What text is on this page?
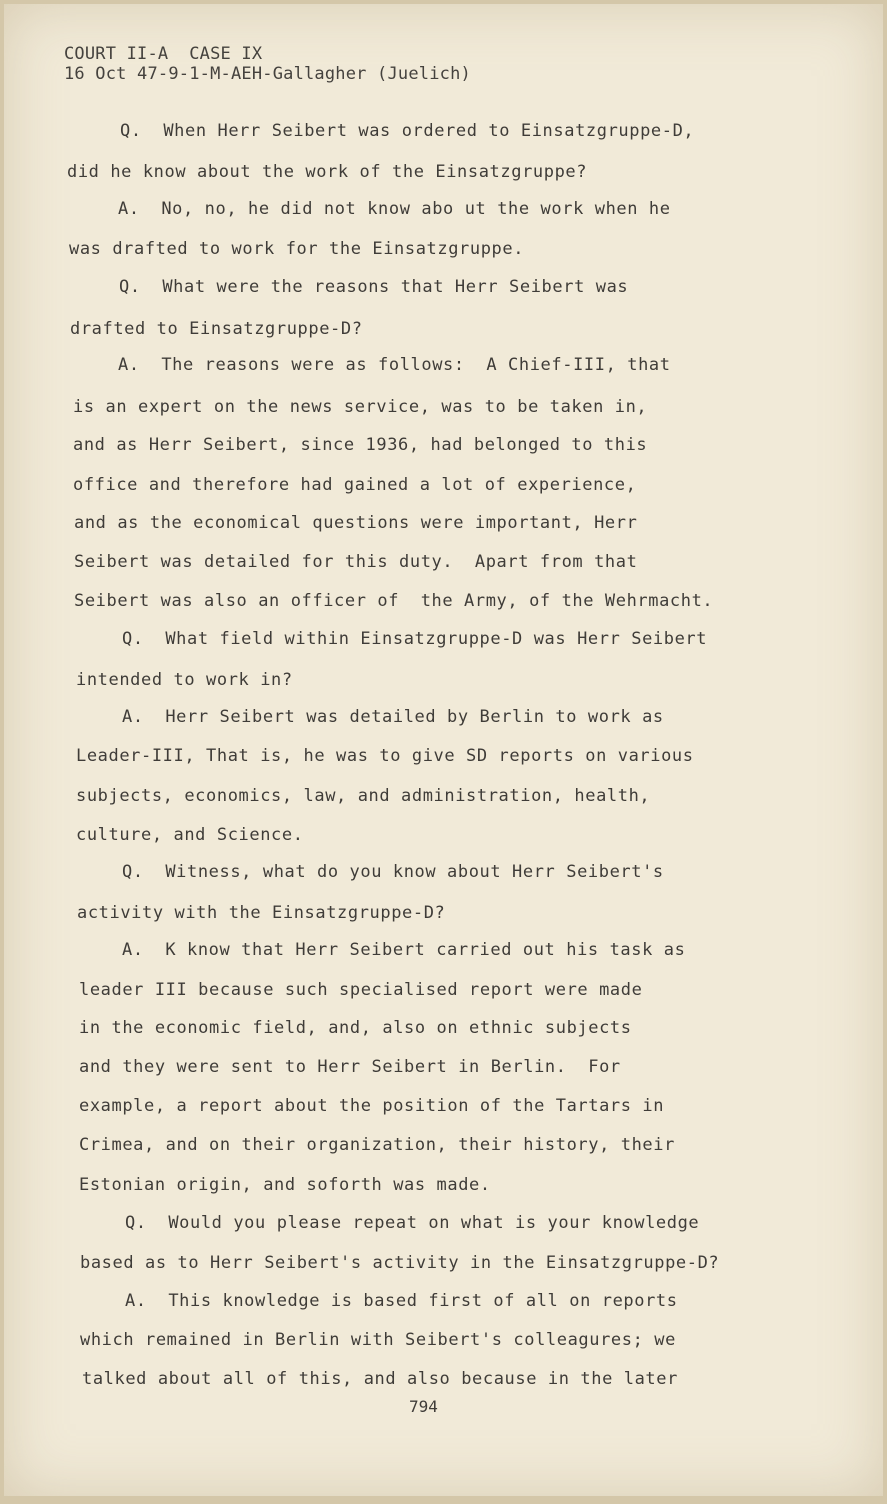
COURT II-A  CASE IX
16 Oct 47-9-1-M-AEH-Gallagher (Juelich)
Q.  When Herr Seibert was ordered to Einsatzgruppe-D,
did he know about the work of the Einsatzgruppe?
A.  No, no, he did not know abo ut the work when he
was drafted to work for the Einsatzgruppe.
Q.  What were the reasons that Herr Seibert was
drafted to Einsatzgruppe-D?
A.  The reasons were as follows:  A Chief-III, that
is an expert on the news service, was to be taken in,
and as Herr Seibert, since 1936, had belonged to this
office and therefore had gained a lot of experience,
and as the economical questions were important, Herr
Seibert was detailed for this duty.  Apart from that
Seibert was also an officer of  the Army, of the Wehrmacht.
Q.  What field within Einsatzgruppe-D was Herr Seibert
intended to work in?
A.  Herr Seibert was detailed by Berlin to work as
Leader-III, That is, he was to give SD reports on various
subjects, economics, law, and administration, health,
culture, and Science.
Q.  Witness, what do you know about Herr Seibert's
activity with the Einsatzgruppe-D?
A.  K know that Herr Seibert carried out his task as
leader III because such specialised report were made
in the economic field, and, also on ethnic subjects
and they were sent to Herr Seibert in Berlin.  For
example, a report about the position of the Tartars in
Crimea, and on their organization, their history, their
Estonian origin, and soforth was made.
Q.  Would you please repeat on what is your knowledge
based as to Herr Seibert's activity in the Einsatzgruppe-D?
A.  This knowledge is based first of all on reports
which remained in Berlin with Seibert's colleagures; we
talked about all of this, and also because in the later
794
